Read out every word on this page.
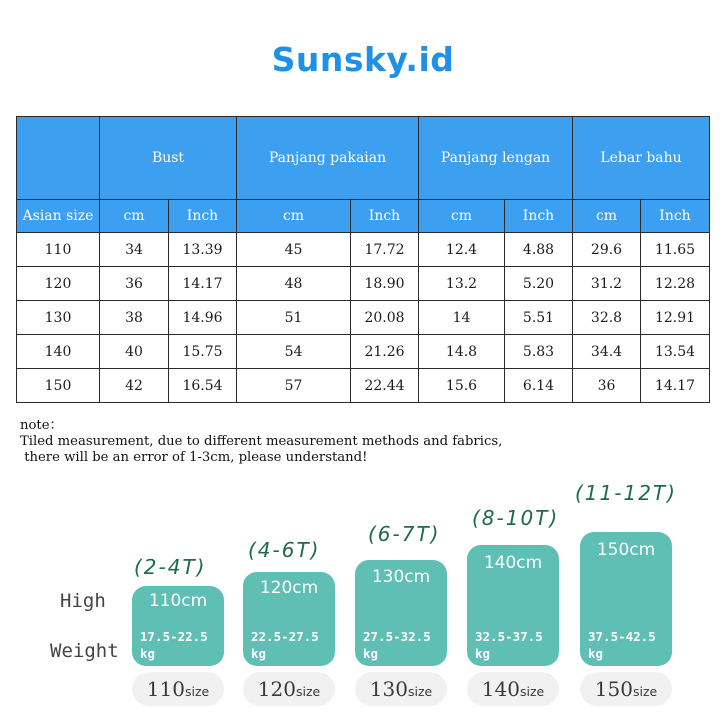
Sunsky.id
	Bust		Panjang pakaian		Panjang lengan		Lebar bahu	
Asian size	cm	Inch	cm	Inch	cm	Inch	cm	Inch
110	34	13.39	45	17.72	12.4	4.88	29.6	11.65
120	36	14.17	48	18.90	13.2	5.20	31.2	12.28
130	38	14.96	51	20.08	14	5.51	32.8	12.91
140	40	15.75	54	21.26	14.8	5.83	34.4	13.54
150	42	16.54	57	22.44	15.6	6.14	36	14.17
note：
Tiled measurement, due to different measurement methods and fabrics,
there will be an error of 1-3cm, please understand!
High
Weight
(2-4T)
110cm
17.5-22.5
kg
110size
(4-6T)
120cm
22.5-27.5
kg
120size
(6-7T)
130cm
27.5-32.5
kg
130size
(8-10T)
140cm
32.5-37.5
kg
140size
(11-12T)
150cm
37.5-42.5
kg
150size
